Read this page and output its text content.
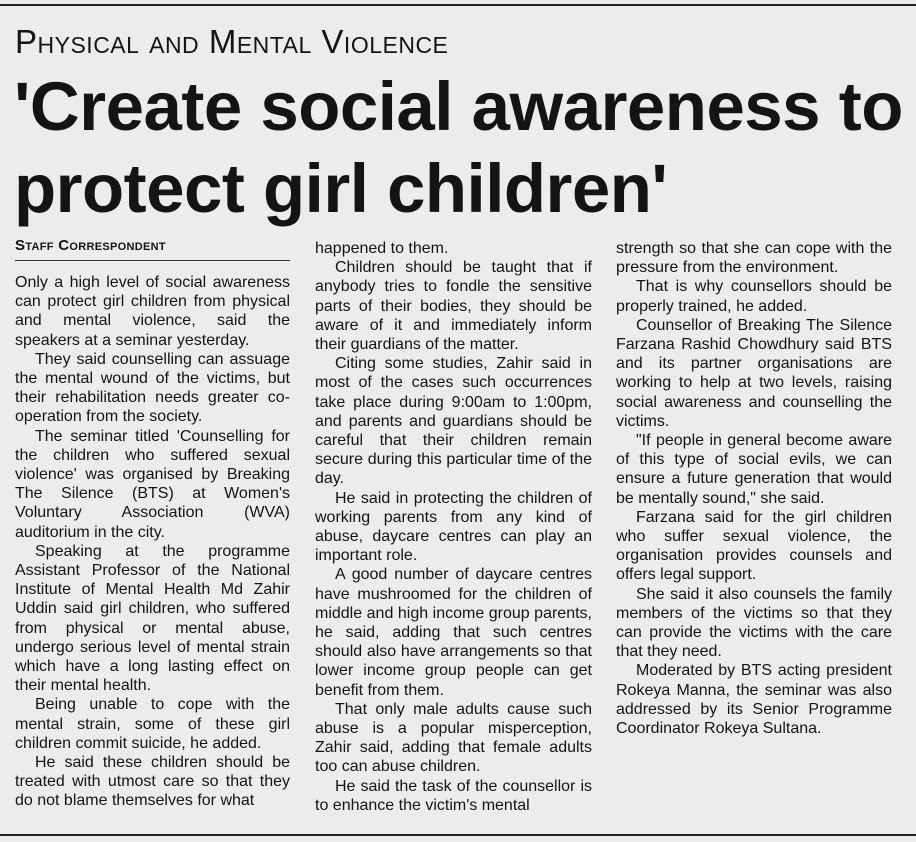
Physical and Mental Violence
'Create social awareness to protect girl children'
Staff Correspondent

Only a high level of social awareness can protect girl children from physical and mental violence, said the speakers at a seminar yesterday.

They said counselling can assuage the mental wound of the victims, but their rehabilitation needs greater co-operation from the society.

The seminar titled 'Counselling for the children who suffered sexual violence' was organised by Breaking The Silence (BTS) at Women's Voluntary Association (WVA) auditorium in the city.

Speaking at the programme Assistant Professor of the National Institute of Mental Health Md Zahir Uddin said girl children, who suffered from physical or mental abuse, undergo serious level of mental strain which have a long lasting effect on their mental health.

Being unable to cope with the mental strain, some of these girl children commit suicide, he added.

He said these children should be treated with utmost care so that they do not blame themselves for what

happened to them.

Children should be taught that if anybody tries to fondle the sensitive parts of their bodies, they should be aware of it and immediately inform their guardians of the matter.

Citing some studies, Zahir said in most of the cases such occurrences take place during 9:00am to 1:00pm, and parents and guardians should be careful that their children remain secure during this particular time of the day.

He said in protecting the children of working parents from any kind of abuse, daycare centres can play an important role.

A good number of daycare centres have mushroomed for the children of middle and high income group parents, he said, adding that such centres should also have arrangements so that lower income group people can get benefit from them.

That only male adults cause such abuse is a popular misperception, Zahir said, adding that female adults too can abuse children.

He said the task of the counsellor is to enhance the victim's mental

strength so that she can cope with the pressure from the environment.

That is why counsellors should be properly trained, he added.

Counsellor of Breaking The Silence Farzana Rashid Chowdhury said BTS and its partner organisations are working to help at two levels, raising social awareness and counselling the victims.

"If people in general become aware of this type of social evils, we can ensure a future generation that would be mentally sound," she said.

Farzana said for the girl children who suffer sexual violence, the organisation provides counsels and offers legal support.

She said it also counsels the family members of the victims so that they can provide the victims with the care that they need.

Moderated by BTS acting president Rokeya Manna, the seminar was also addressed by its Senior Programme Coordinator Rokeya Sultana.
